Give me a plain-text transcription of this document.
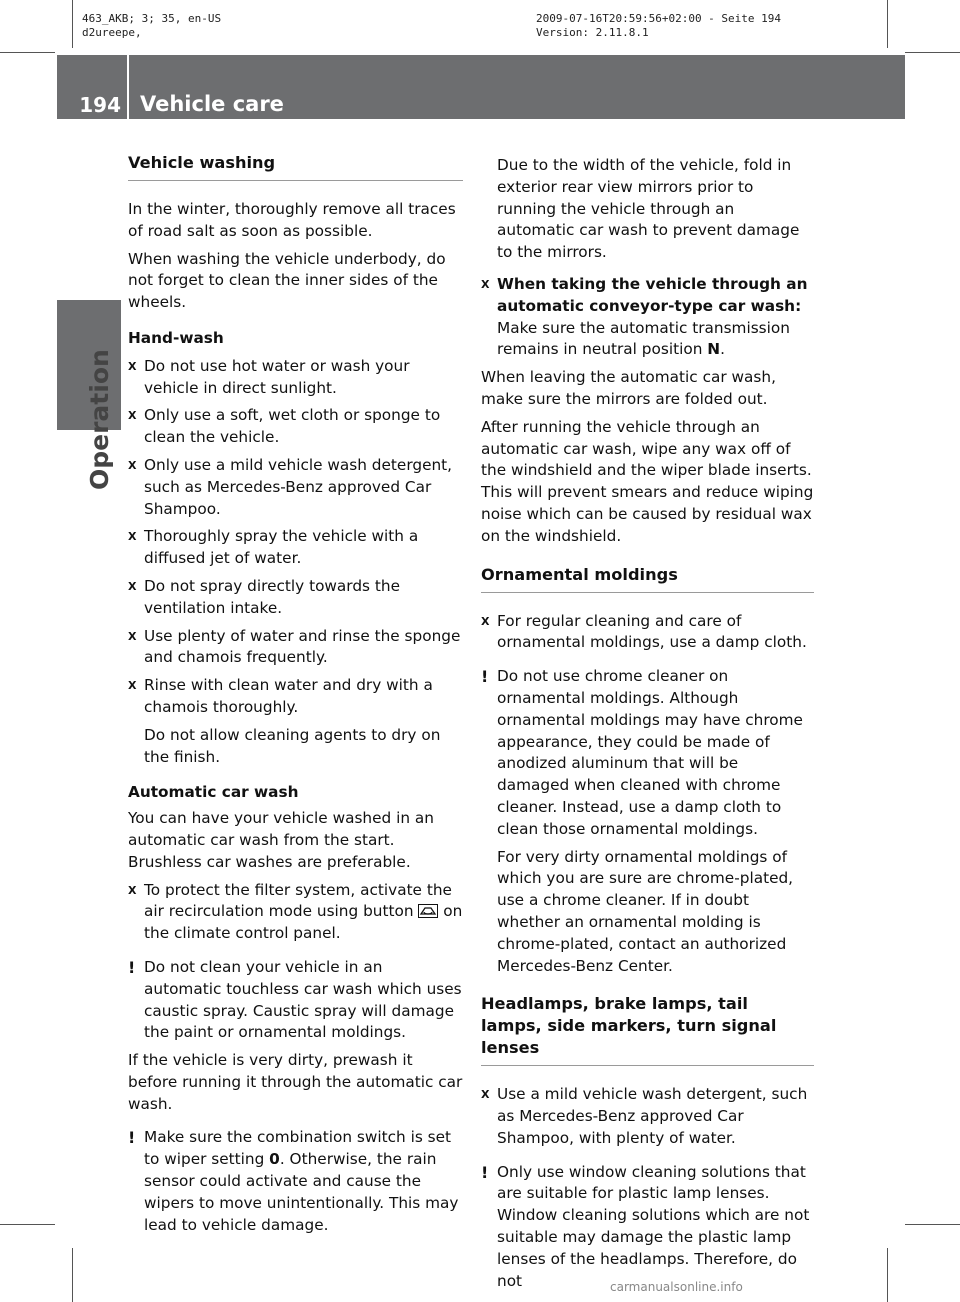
463_AKB; 3; 35, en-US
d2ureepe,
2009-07-16T20:59:56+02:00 - Seite 194
Version: 2.11.8.1
194 Vehicle care
Operation
Vehicle washing

In the winter, thoroughly remove all traces of road salt as soon as possible.

When washing the vehicle underbody, do not forget to clean the inner sides of the wheels.

Hand-wash
X Do not use hot water or wash your vehicle in direct sunlight.
X Only use a soft, wet cloth or sponge to clean the vehicle.
X Only use a mild vehicle wash detergent, such as Mercedes-Benz approved Car Shampoo.
X Thoroughly spray the vehicle with a diffused jet of water.
X Do not spray directly towards the ventilation intake.
X Use plenty of water and rinse the sponge and chamois frequently.
X Rinse with clean water and dry with a chamois thoroughly.
Do not allow cleaning agents to dry on the finish.
Automatic car wash

You can have your vehicle washed in an automatic car wash from the start. Brushless car washes are preferable.

X To protect the filter system, activate the air recirculation mode using button on the climate control panel.
! Do not clean your vehicle in an automatic touchless car wash which uses caustic spray. Caustic spray will damage the paint or ornamental moldings.

If the vehicle is very dirty, prewash it before running it through the automatic car wash.

! Make sure the combination switch is set to wiper setting 0. Otherwise, the rain sensor could activate and cause the wipers to move unintentionally. This may lead to vehicle damage.
Due to the width of the vehicle, fold in exterior rear view mirrors prior to running the vehicle through an automatic car wash to prevent damage to the mirrors.
X When taking the vehicle through an automatic conveyor-type car wash:
Make sure the automatic transmission remains in neutral position N.

When leaving the automatic car wash, make sure the mirrors are folded out.

After running the vehicle through an automatic car wash, wipe any wax off of the windshield and the wiper blade inserts. This will prevent smears and reduce wiping noise which can be caused by residual wax on the windshield.

Ornamental moldings
X For regular cleaning and care of ornamental moldings, use a damp cloth.
! Do not use chrome cleaner on ornamental moldings. Although ornamental moldings may have chrome appearance, they could be made of anodized aluminum that will be damaged when cleaned with chrome cleaner. Instead, use a damp cloth to clean those ornamental moldings.
For very dirty ornamental moldings of which you are sure are chrome-plated, use a chrome cleaner. If in doubt whether an ornamental molding is chrome-plated, contact an authorized Mercedes-Benz Center.
Headlamps, brake lamps, tail lamps, side markers, turn signal lenses
X Use a mild vehicle wash detergent, such as Mercedes-Benz approved Car Shampoo, with plenty of water.
! Only use window cleaning solutions that are suitable for plastic lamp lenses. Window cleaning solutions which are not suitable may damage the plastic lamp lenses of the headlamps. Therefore, do not	carmanualsonline.info
